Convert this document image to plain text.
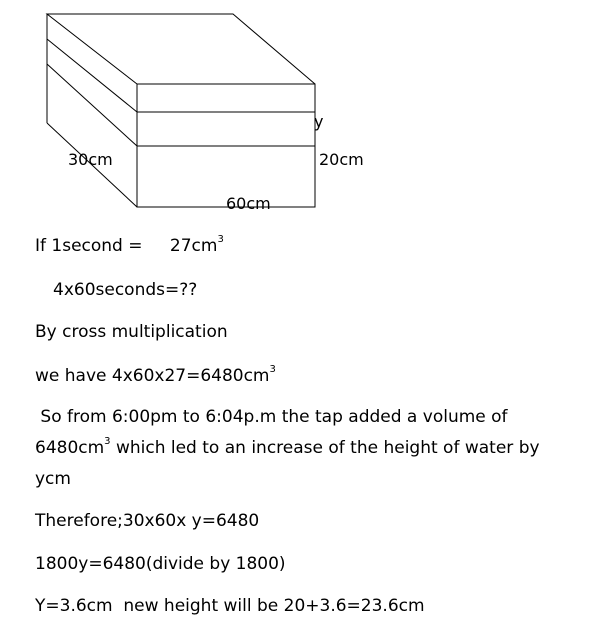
y
30cm	20cm
60cm
If 1second = $27cm^3$
4x60seconds=??
By cross multiplication
we have $4x60x27=6480cm^3$
So from 6:00pm to 6:04p.m the tap added a volume of
$6480cm^3$ which led to an increase of the height of water by
ycm
Therefore;30x60x y=6480
1800y=6480(divide by 1800)
Y=3.6cm  new height will be 20+3.6=23.6cm
